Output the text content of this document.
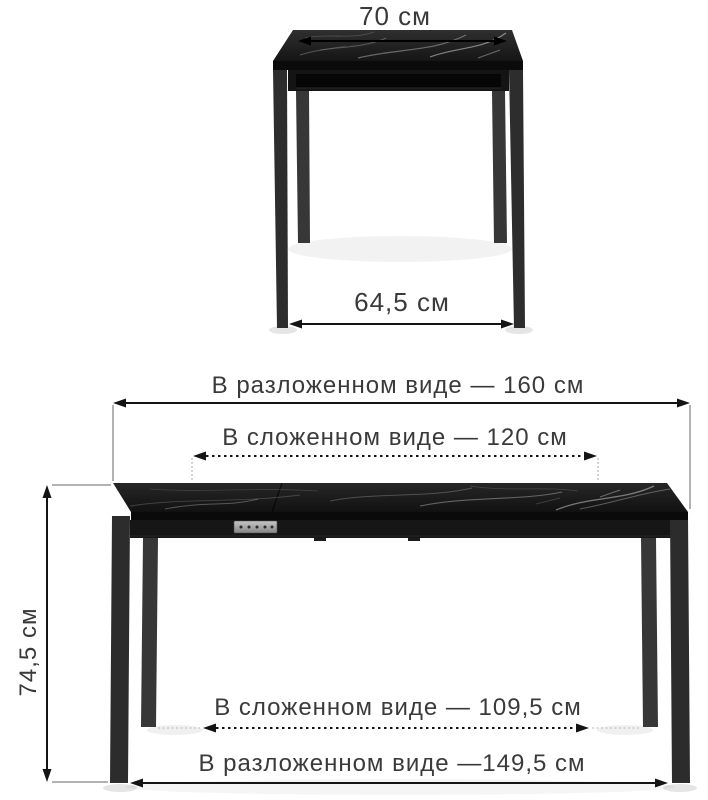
70 см
64,5 см
В разложенном виде — 160 см
В сложенном виде — 120 см
74,5 см
В сложенном виде — 109,5 см
В разложенном виде —149,5 см
